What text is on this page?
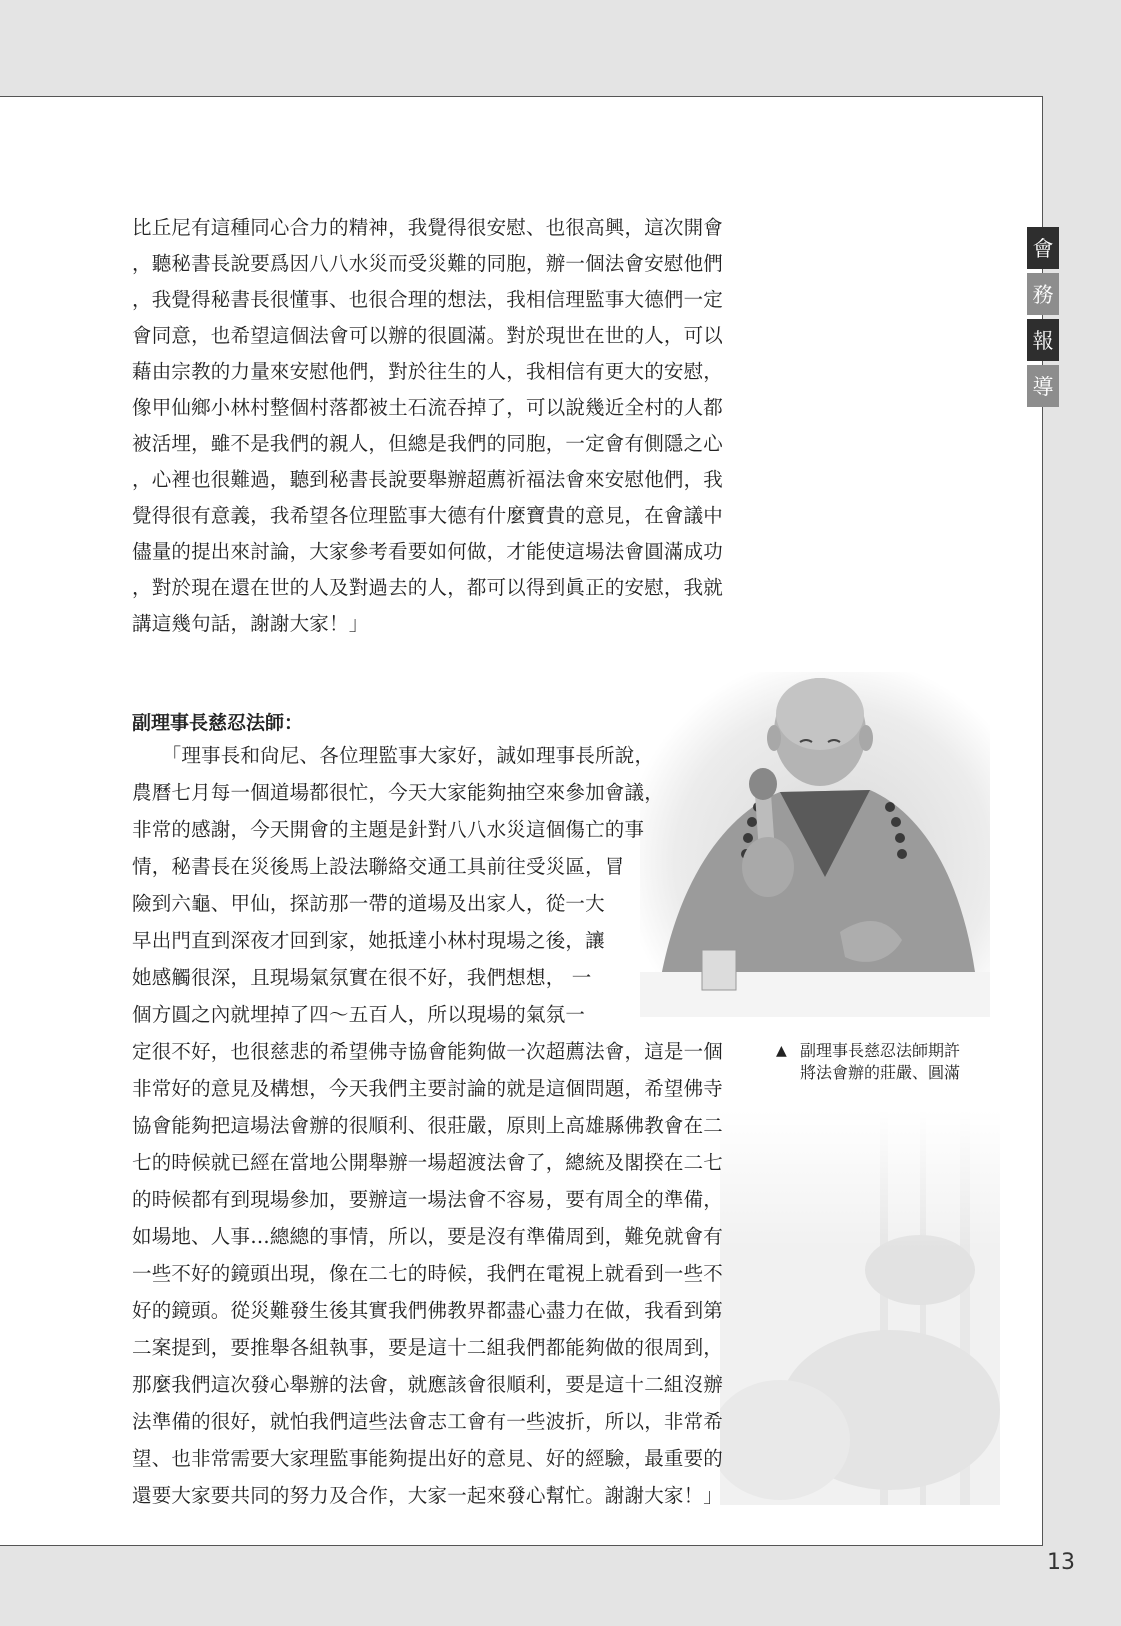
會
務
報
導
比丘尼有這種同心合力的精神，我覺得很安慰、也很高興，這次開會
，聽秘書長說要爲因八八水災而受災難的同胞，辦一個法會安慰他們
，我覺得秘書長很懂事、也很合理的想法，我相信理監事大德們一定
會同意，也希望這個法會可以辦的很圓滿。對於現世在世的人，可以
藉由宗教的力量來安慰他們，對於往生的人，我相信有更大的安慰，
像甲仙鄉小林村整個村落都被土石流吞掉了，可以說幾近全村的人都
被活埋，雖不是我們的親人，但總是我們的同胞，一定會有側隱之心
，心裡也很難過，聽到秘書長說要舉辦超薦祈福法會來安慰他們，我
覺得很有意義，我希望各位理監事大德有什麼寶貴的意見，在會議中
儘量的提出來討論，大家參考看要如何做，才能使這場法會圓滿成功
，對於現在還在世的人及對過去的人，都可以得到眞正的安慰，我就
講這幾句話，謝謝大家！」
副理事長慈忍法師：
　　「理事長和尙尼、各位理監事大家好，誠如理事長所說，
農曆七月每一個道場都很忙，今天大家能夠抽空來參加會議，
非常的感謝，今天開會的主題是針對八八水災這個傷亡的事
情，秘書長在災後馬上設法聯絡交通工具前往受災區，冒
險到六龜、甲仙，探訪那一帶的道場及出家人，從一大
早出門直到深夜才回到家，她抵達小林村現場之後，讓
她感觸很深，且現場氣氛實在很不好，我們想想， 一
個方圓之內就埋掉了四～五百人，所以現場的氣氛一
定很不好，也很慈悲的希望佛寺協會能夠做一次超薦法會，這是一個
非常好的意見及構想，今天我們主要討論的就是這個問題，希望佛寺
協會能夠把這場法會辦的很順利、很莊嚴，原則上高雄縣佛教會在二
七的時候就已經在當地公開舉辦一場超渡法會了，總統及閣揆在二七
的時候都有到現場參加，要辦這一場法會不容易，要有周全的準備，
如場地、人事…總總的事情，所以，要是沒有準備周到，難免就會有
一些不好的鏡頭出現，像在二七的時候，我們在電視上就看到一些不
好的鏡頭。從災難發生後其實我們佛教界都盡心盡力在做，我看到第
二案提到，要推舉各組執事，要是這十二組我們都能夠做的很周到，
那麼我們這次發心舉辦的法會，就應該會很順利，要是這十二組沒辦
法準備的很好，就怕我們這些法會志工會有一些波折，所以，非常希
望、也非常需要大家理監事能夠提出好的意見、好的經驗，最重要的
還要大家要共同的努力及合作，大家一起來發心幫忙。謝謝大家！」
▲ 副理事長慈忍法師期許
將法會辦的莊嚴、圓滿
13
